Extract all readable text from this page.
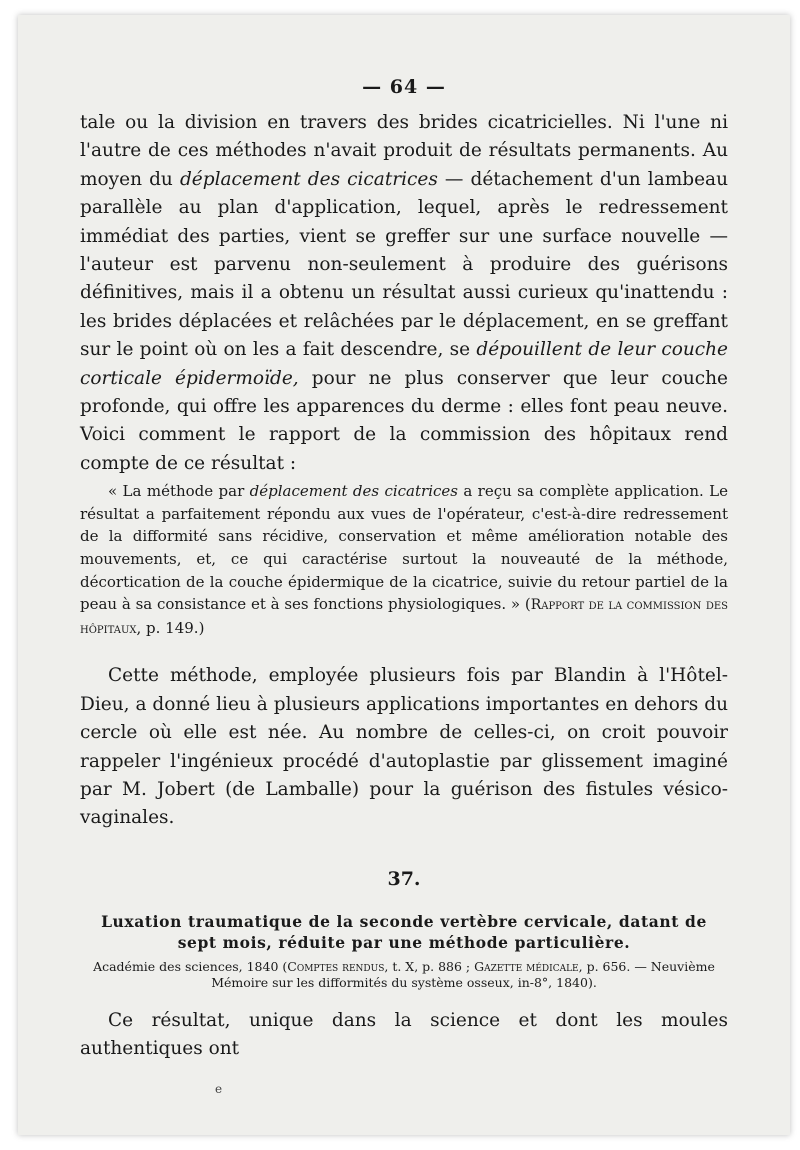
— 64 —

tale ou la division en travers des brides cicatricielles. Ni l'une ni l'autre de ces méthodes n'avait produit de résultats permanents. Au moyen du déplacement des cicatrices — détachement d'un lambeau parallèle au plan d'application, lequel, après le redressement immédiat des parties, vient se greffer sur une surface nouvelle — l'auteur est parvenu non-seulement à produire des guérisons définitives, mais il a obtenu un résultat aussi curieux qu'inattendu : les brides déplacées et relâchées par le déplacement, en se greffant sur le point où on les a fait descendre, se dépouillent de leur couche corticale épidermoïde, pour ne plus conserver que leur couche profonde, qui offre les apparences du derme : elles font peau neuve. Voici comment le rapport de la commission des hôpitaux rend compte de ce résultat :

« La méthode par déplacement des cicatrices a reçu sa complète application. Le résultat a parfaitement répondu aux vues de l'opérateur, c'est-à-dire redressement de la difformité sans récidive, conservation et même amélioration notable des mouvements, et, ce qui caractérise surtout la nouveauté de la méthode, décortication de la couche épidermique de la cicatrice, suivie du retour partiel de la peau à sa consistance et à ses fonctions physiologiques. » (Rapport de la commission des hôpitaux, p. 149.)

Cette méthode, employée plusieurs fois par Blandin à l'Hôtel-Dieu, a donné lieu à plusieurs applications importantes en dehors du cercle où elle est née. Au nombre de celles-ci, on croit pouvoir rappeler l'ingénieux procédé d'autoplastie par glissement imaginé par M. Jobert (de Lamballe) pour la guérison des fistules vésico-vaginales.

37.
Luxation traumatique de la seconde vertèbre cervicale, datant de sept mois, réduite par une méthode particulière.
Académie des sciences, 1840 (Comptes rendus, t. X, p. 886 ; Gazette médicale, p. 656. — Neuvième Mémoire sur les difformités du système osseux, in-8°, 1840).

Ce résultat, unique dans la science et dont les moules authentiques ont

e
